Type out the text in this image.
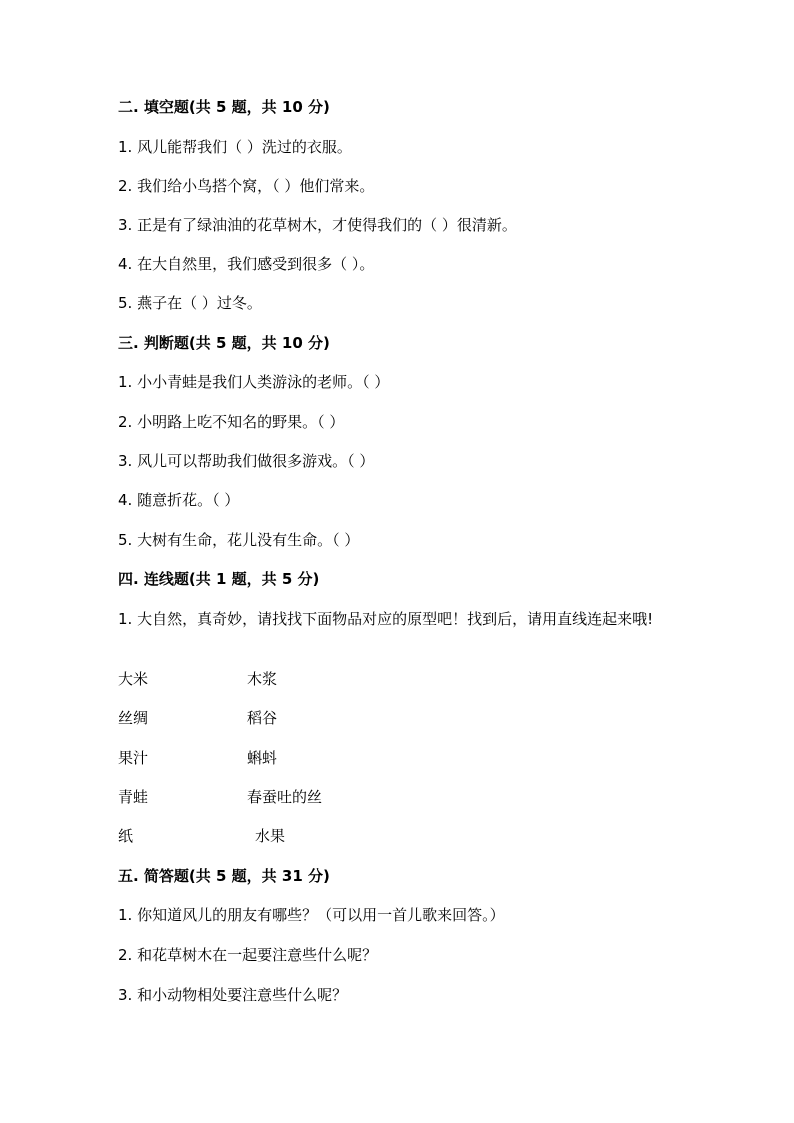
二. 填空题(共 5 题，共 10 分)
1. 风儿能帮我们（ ）洗过的衣服。
2. 我们给小鸟搭个窝，（ ）他们常来。
3. 正是有了绿油油的花草树木，才使得我们的（ ）很清新。
4. 在大自然里，我们感受到很多（ ）。
5. 燕子在（ ）过冬。
三. 判断题(共 5 题，共 10 分)
1. 小小青蛙是我们人类游泳的老师。（ ）
2. 小明路上吃不知名的野果。（ ）
3. 风儿可以帮助我们做很多游戏。（ ）
4. 随意折花。（ ）
5. 大树有生命，花儿没有生命。（ ）
四. 连线题(共 1 题，共 5 分)
1. 大自然，真奇妙，请找找下面物品对应的原型吧！找到后，请用直线连起来哦!
大米	木浆
丝绸	稻谷
果汁	蝌蚪
青蛙	春蚕吐的丝
纸	水果
五. 简答题(共 5 题，共 31 分)
1. 你知道风儿的朋友有哪些？（可以用一首儿歌来回答。）
2. 和花草树木在一起要注意些什么呢？
3. 和小动物相处要注意些什么呢？
